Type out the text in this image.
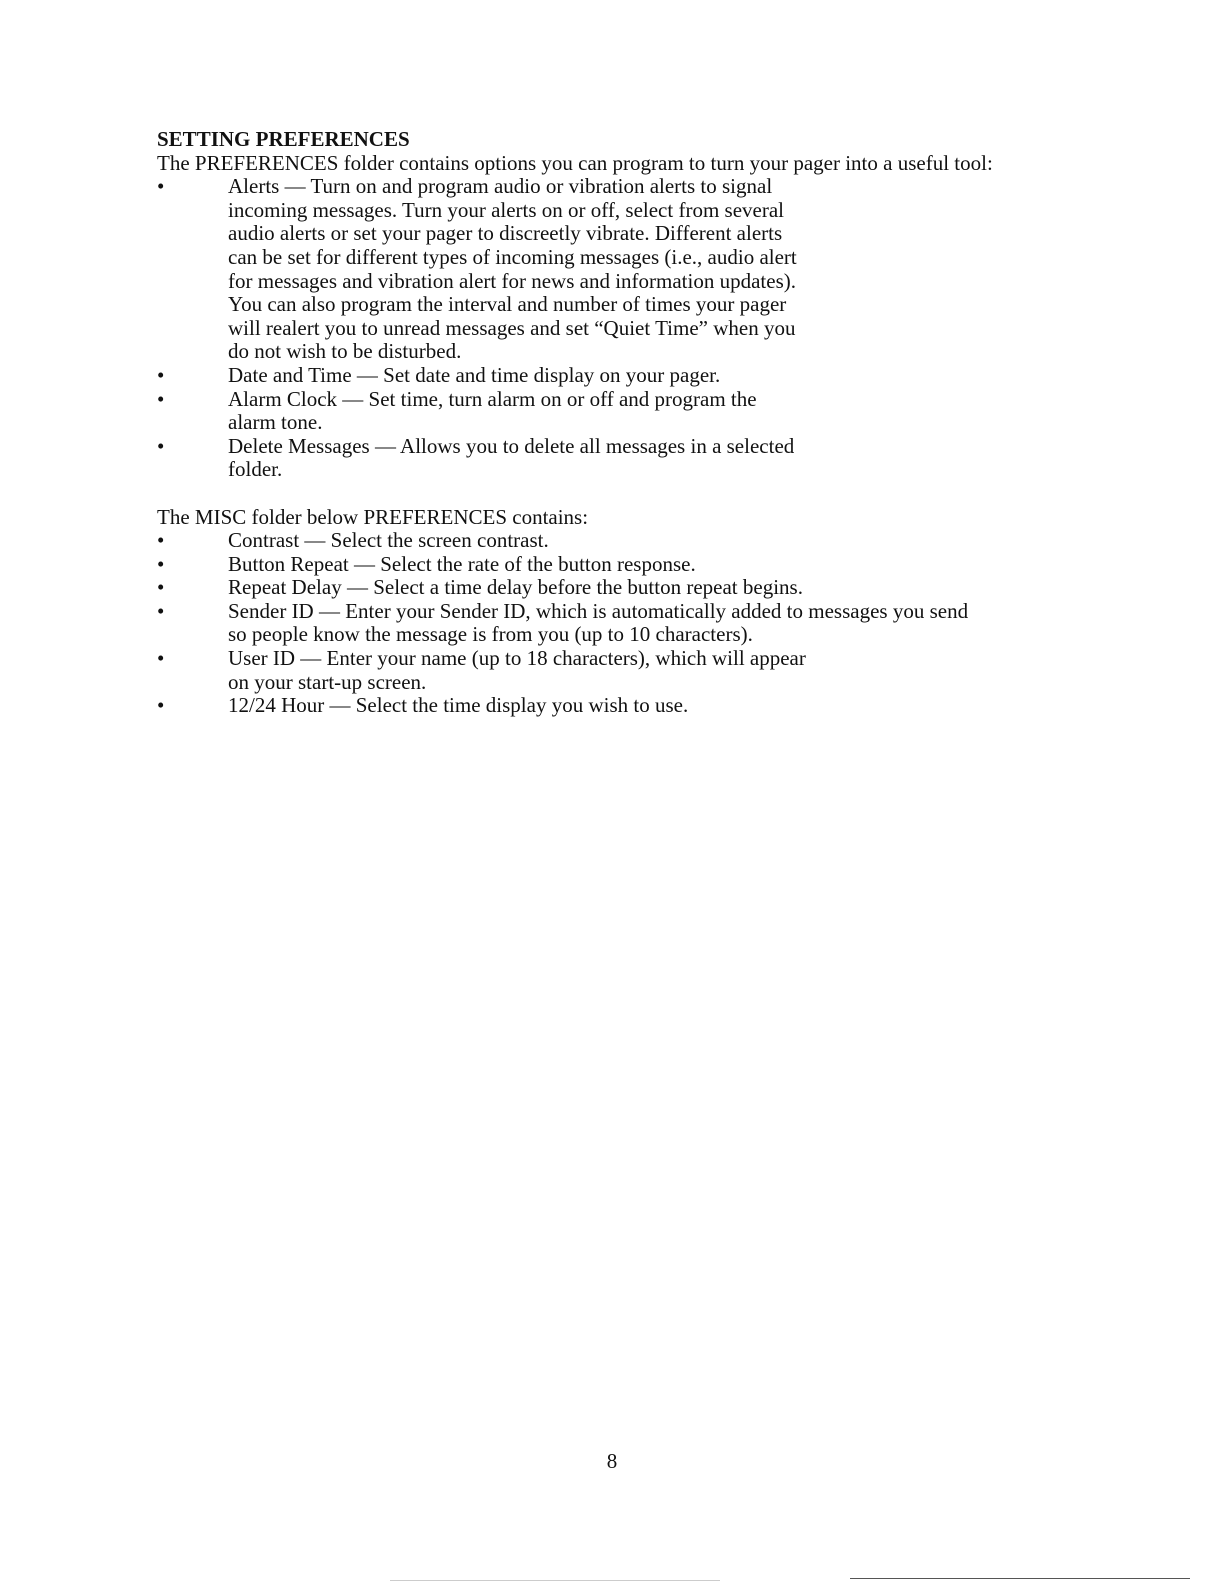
SETTING PREFERENCES

The PREFERENCES folder contains options you can program to turn your pager into a useful tool:

•	Alerts — Turn on and program audio or vibration alerts to signal incoming messages. Turn your alerts on or off, select from several audio alerts or set your pager to discreetly vibrate. Different alerts can be set for different types of incoming messages (i.e., audio alert for messages and vibration alert for news and information updates). You can also program the interval and number of times your pager will realert you to unread messages and set “Quiet Time” when you do not wish to be disturbed.
•	Date and Time — Set date and time display on your pager.
•	Alarm Clock — Set time, turn alarm on or off and program the alarm tone.
•	Delete Messages — Allows you to delete all messages in a selected folder.

The MISC folder below PREFERENCES contains:

•	Contrast — Select the screen contrast.
•	Button Repeat — Select the rate of the button response.
•	Repeat Delay — Select a time delay before the button repeat begins.
•	Sender ID — Enter your Sender ID, which is automatically added to messages you send so people know the message is from you (up to 10 characters).
•	User ID — Enter your name (up to 18 characters), which will appear on your start-up screen.
•	12/24 Hour — Select the time display you wish to use.
8
